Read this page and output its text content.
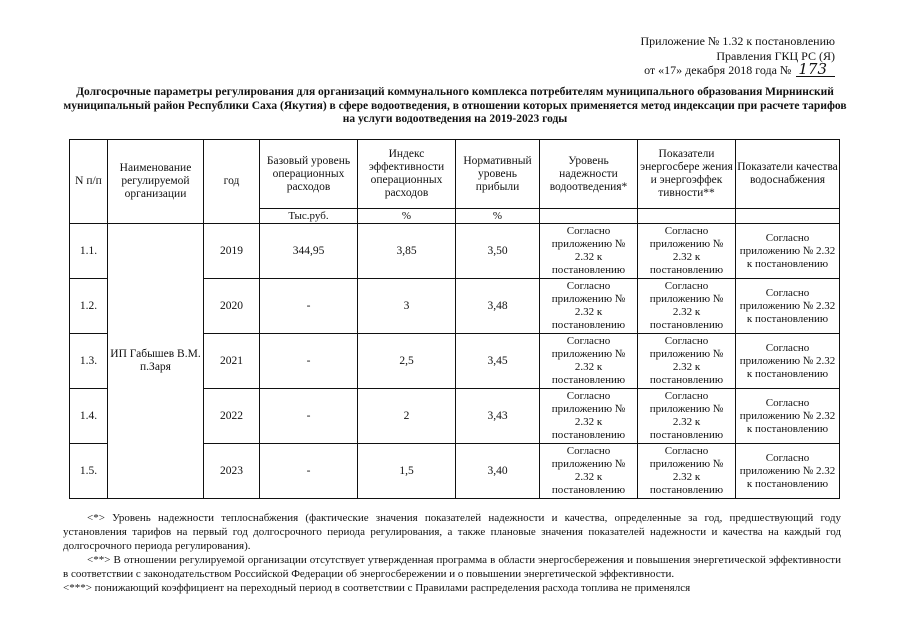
Приложение № 1.32 к постановлению
Правления ГКЦ РС (Я)
от «17» декабря 2018 года № 173
Долгосрочные параметры регулирования для организаций коммунального комплекса потребителям муниципального образования Мирнинский муниципальный район Республики Саха (Якутия) в сфере водоотведения, в отношении которых применяется метод индексации при расчете тарифов на услуги водоотведения на 2019-2023 годы
N п/п	Наименование регулируемой организации	год	Базовый уровень операционных расходов	Индекс эффективности операционных расходов	Нормативный уровень прибыли	Уровень надежности водоотведения*	Показатели энергосбере жения и энергоэффек тивности**	Показатели качества водоснабжения
			Тыс.руб.	%	%			
1.1.	ИП Габышев В.М. п.Заря	2019	344,95	3,85	3,50	Согласно приложению № 2.32 к постановлению	Согласно приложению № 2.32 к постановлению	Согласно приложению № 2.32 к постановлению
1.2.		2020	-	3	3,48	Согласно приложению № 2.32 к постановлению	Согласно приложению № 2.32 к постановлению	Согласно приложению № 2.32 к постановлению
1.3.		2021	-	2,5	3,45	Согласно приложению № 2.32 к постановлению	Согласно приложению № 2.32 к постановлению	Согласно приложению № 2.32 к постановлению
1.4.		2022	-	2	3,43	Согласно приложению № 2.32 к постановлению	Согласно приложению № 2.32 к постановлению	Согласно приложению № 2.32 к постановлению
1.5.		2023	-	1,5	3,40	Согласно приложению № 2.32 к постановлению	Согласно приложению № 2.32 к постановлению	Согласно приложению № 2.32 к постановлению

<*> Уровень надежности теплоснабжения (фактические значения показателей надежности и качества, определенные за год, предшествующий году установления тарифов на первый год долгосрочного периода регулирования, а также плановые значения показателей надежности и качества на каждый год долгосрочного периода регулирования).

<**> В отношении регулируемой организации отсутствует утвержденная программа в области энергосбережения и повышения энергетической эффективности в соответствии с законодательством Российской Федерации об энергосбережении и о повышении энергетической эффективности.

<***> понижающий коэффициент на переходный период в соответствии с Правилами распределения расхода топлива не применялся
